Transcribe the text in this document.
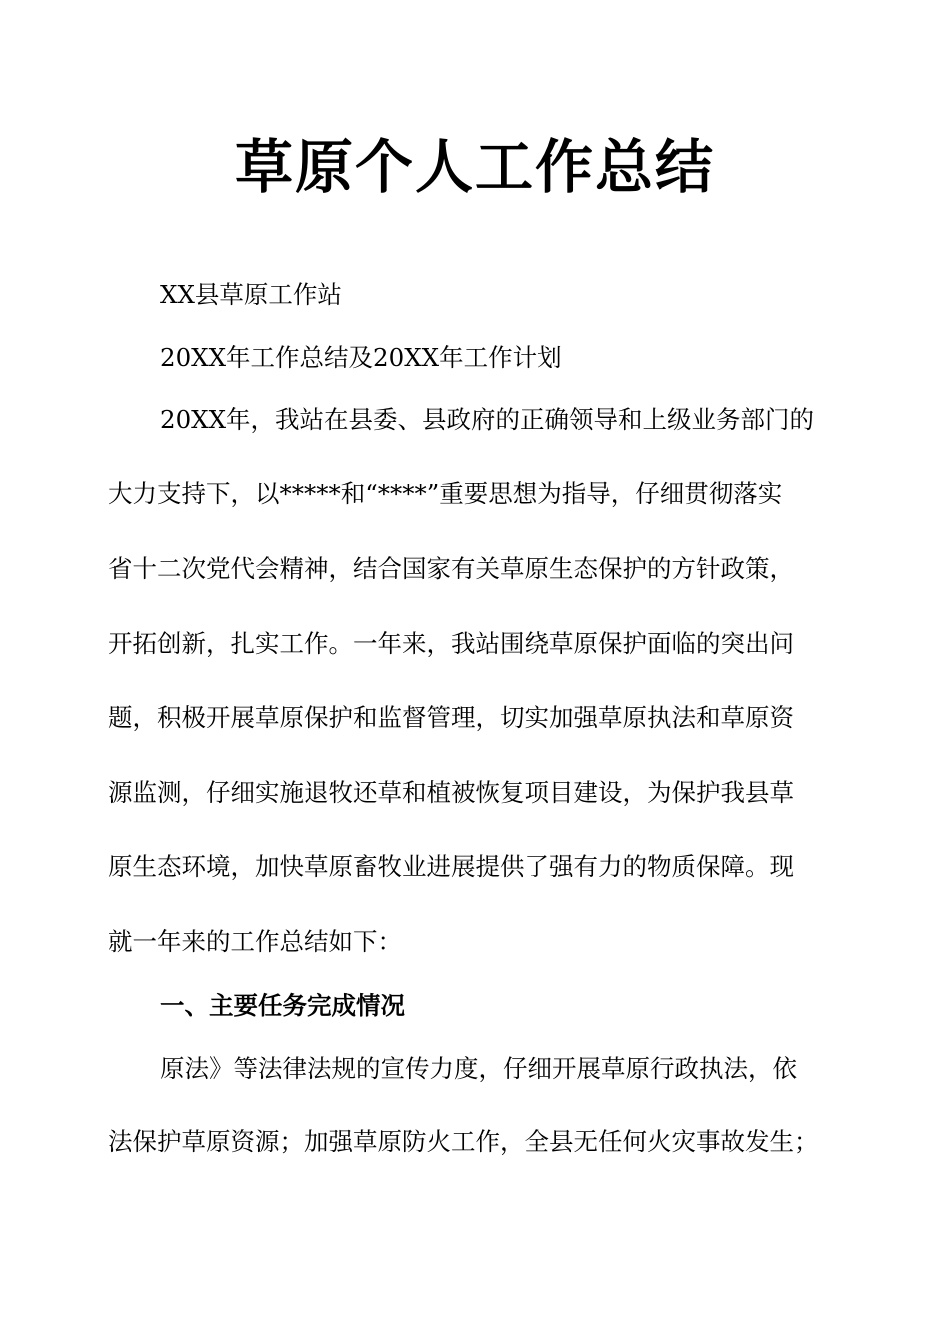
草原个人工作总结

XX县草原工作站

20XX年工作总结及20XX年工作计划

20XX年，我站在县委、县政府的正确领导和上级业务部门的

大力支持下，以*****和“****”重要思想为指导，仔细贯彻落实

省十二次党代会精神，结合国家有关草原生态保护的方针政策，

开拓创新，扎实工作。一年来，我站围绕草原保护面临的突出问

题，积极开展草原保护和监督管理，切实加强草原执法和草原资

源监测，仔细实施退牧还草和植被恢复项目建设，为保护我县草

原生态环境，加快草原畜牧业进展提供了强有力的物质保障。现

就一年来的工作总结如下：

一、主要任务完成情况

原法》等法律法规的宣传力度，仔细开展草原行政执法，依

法保护草原资源；加强草原防火工作，全县无任何火灾事故发生；
